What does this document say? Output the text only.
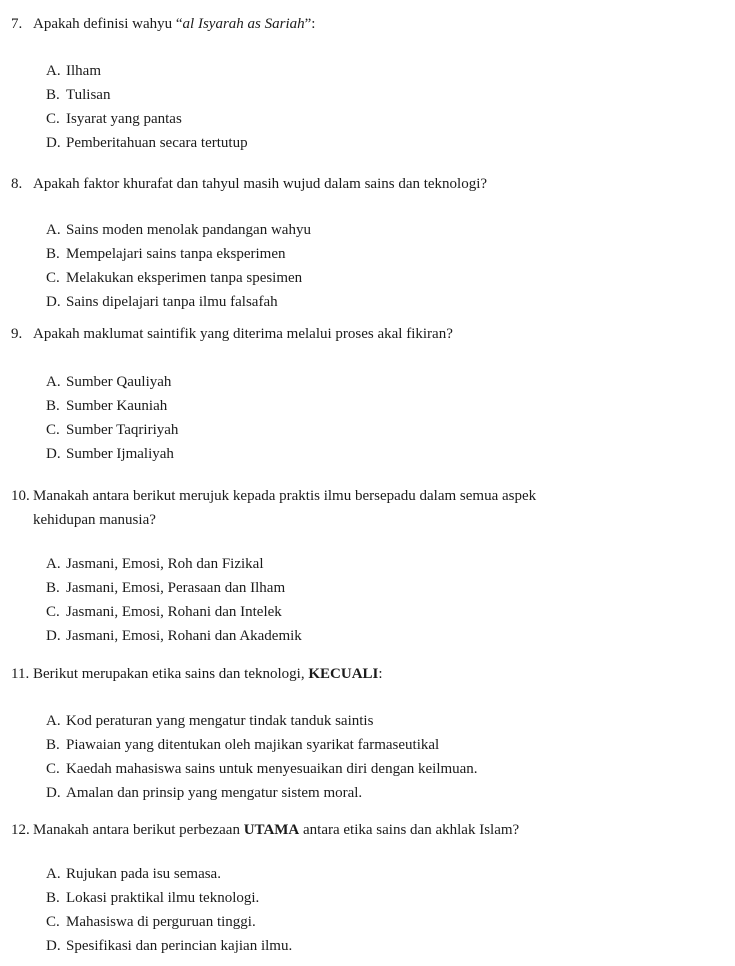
7. Apakah definisi wahyu “al Isyarah as Sariah”:
A. Ilham
B. Tulisan
C. Isyarat yang pantas
D. Pemberitahuan secara tertutup
8. Apakah faktor khurafat dan tahyul masih wujud dalam sains dan teknologi?
A. Sains moden menolak pandangan wahyu
B. Mempelajari sains tanpa eksperimen
C. Melakukan eksperimen tanpa spesimen
D. Sains dipelajari tanpa ilmu falsafah
9. Apakah maklumat saintifik yang diterima melalui proses akal fikiran?
A. Sumber Qauliyah
B. Sumber Kauniah
C. Sumber Taqririyah
D. Sumber Ijmaliyah
10. Manakah antara berikut merujuk kepada praktis ilmu bersepadu dalam semua aspek
kehidupan manusia?
A. Jasmani, Emosi, Roh dan Fizikal
B. Jasmani, Emosi, Perasaan dan Ilham
C. Jasmani, Emosi, Rohani dan Intelek
D. Jasmani, Emosi, Rohani dan Akademik
11. Berikut merupakan etika sains dan teknologi, KECUALI:
A. Kod peraturan yang mengatur tindak tanduk saintis
B. Piawaian yang ditentukan oleh majikan syarikat farmaseutikal
C. Kaedah mahasiswa sains untuk menyesuaikan diri dengan keilmuan.
D. Amalan dan prinsip yang mengatur sistem moral.
12. Manakah antara berikut perbezaan UTAMA antara etika sains dan akhlak Islam?
A. Rujukan pada isu semasa.
B. Lokasi praktikal ilmu teknologi.
C. Mahasiswa di perguruan tinggi.
D. Spesifikasi dan perincian kajian ilmu.
